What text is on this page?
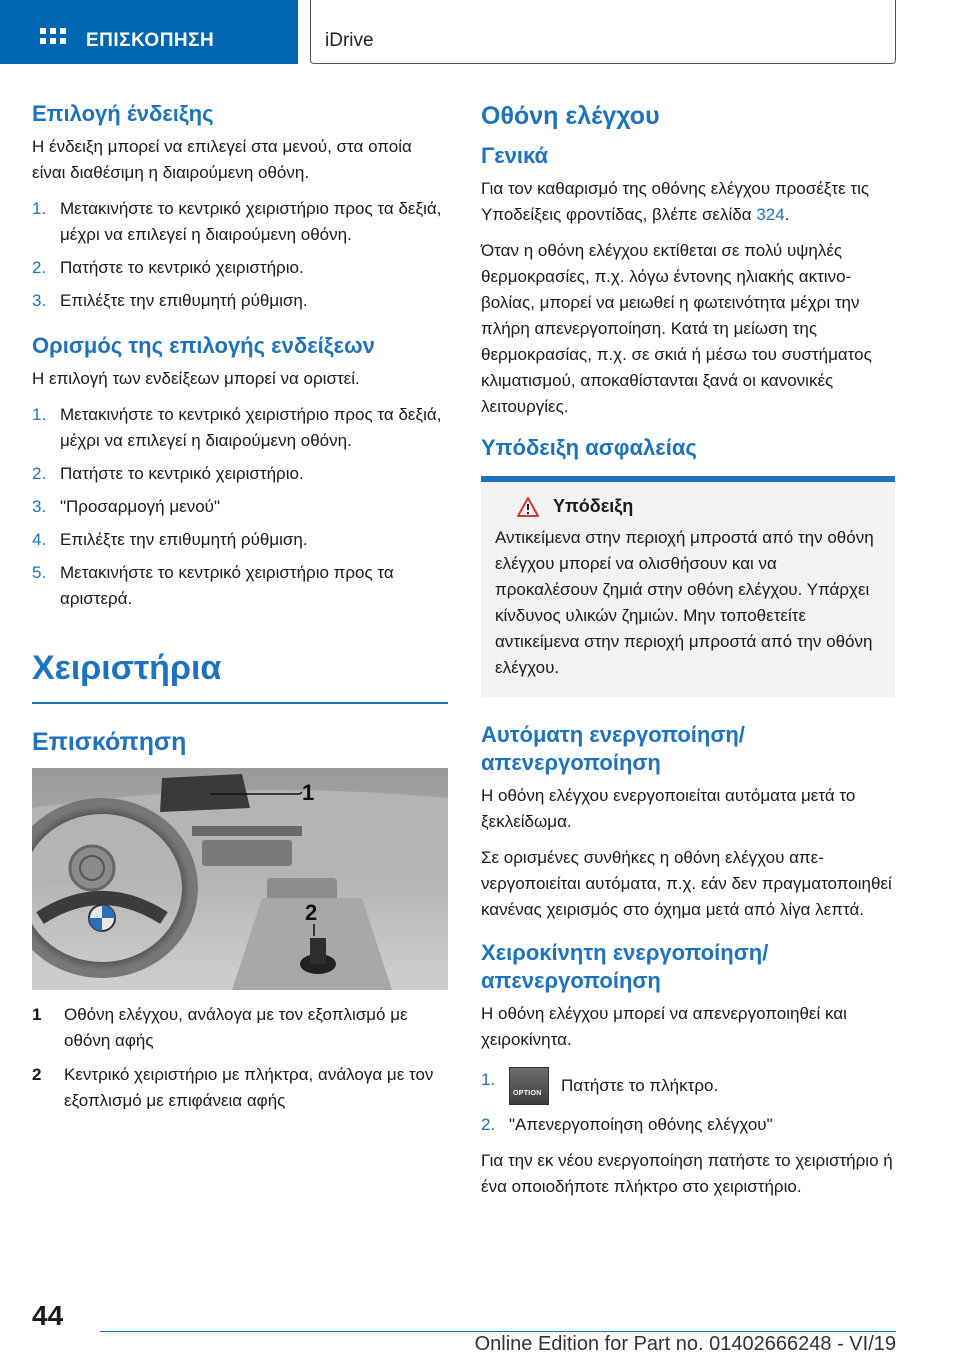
ΕΠΙΣΚΟΠΗΣΗ	iDrive
Επιλογή ένδειξης

Η ένδειξη μπορεί να επιλεγεί στα μενού, στα οποία είναι διαθέσιμη η διαιρούμενη οθόνη.

1. Μετακινήστε το κεντρικό χειριστήριο προς τα δεξιά, μέχρι να επιλεγεί η διαιρούμενη οθόνη.
2. Πατήστε το κεντρικό χειριστήριο.
3. Επιλέξτε την επιθυμητή ρύθμιση.
Ορισμός της επιλογής ενδείξεων

Η επιλογή των ενδείξεων μπορεί να οριστεί.

1. Μετακινήστε το κεντρικό χειριστήριο προς τα δεξιά, μέχρι να επιλεγεί η διαιρούμενη οθόνη.
2. Πατήστε το κεντρικό χειριστήριο.
3. "Προσαρμογή μενού"
4. Επιλέξτε την επιθυμητή ρύθμιση.
5. Μετακινήστε το κεντρικό χειριστήριο προς τα αριστερά.
Χειριστήρια
Επισκόπηση
1
2
1 Οθόνη ελέγχου, ανάλογα με τον εξοπλισμό με οθόνη αφής
2 Κεντρικό χειριστήριο με πλήκτρα, ανάλογα με τον εξοπλισμό με επιφάνεια αφής
Οθόνη ελέγχου
Γενικά

Για τον καθαρισμό της οθόνης ελέγχου προσέξτε τις Υποδείξεις φροντίδας, βλέπε σελίδα 324.

Όταν η οθόνη ελέγχου εκτίθεται σε πολύ υψηλές θερμοκρασίες, π.χ. λόγω έντονης ηλιακής ακτινοβολίας, μπορεί να μειωθεί η φωτεινότητα μέχρι την πλήρη απενεργοποίηση. Κατά τη μείωση της θερμοκρασίας, π.χ. σε σκιά ή μέσω του συστήματος κλιματισμού, αποκαθίστανται ξανά οι κανονικές λειτουργίες.

Υπόδειξη ασφαλείας
Υπόδειξη

Αντικείμενα στην περιοχή μπροστά από την οθόνη ελέγχου μπορεί να ολισθήσουν και να προκαλέσουν ζημιά στην οθόνη ελέγχου. Υπάρχει κίνδυνος υλικών ζημιών. Μην τοποθετείτε αντικείμενα στην περιοχή μπροστά από την οθόνη ελέγχου.

Αυτόματη ενεργοποίηση/ απενεργοποίηση

Η οθόνη ελέγχου ενεργοποιείται αυτόματα μετά το ξεκλείδωμα.

Σε ορισμένες συνθήκες η οθόνη ελέγχου απενεργοποιείται αυτόματα, π.χ. εάν δεν πραγματοποιηθεί κανένας χειρισμός στο όχημα μετά από λίγα λεπτά.

Χειροκίνητη ενεργοποίηση/ απενεργοποίηση

Η οθόνη ελέγχου μπορεί να απενεργοποιηθεί και χειροκίνητα.

1.
OPTION Πατήστε το πλήκτρο.
2. "Απενεργοποίηση οθόνης ελέγχου"

Για την εκ νέου ενεργοποίηση πατήστε το χειριστήριο ή ένα οποιοδήποτε πλήκτρο στο χειριστήριο.

44
Online Edition for Part no. 01402666248 - VI/19
